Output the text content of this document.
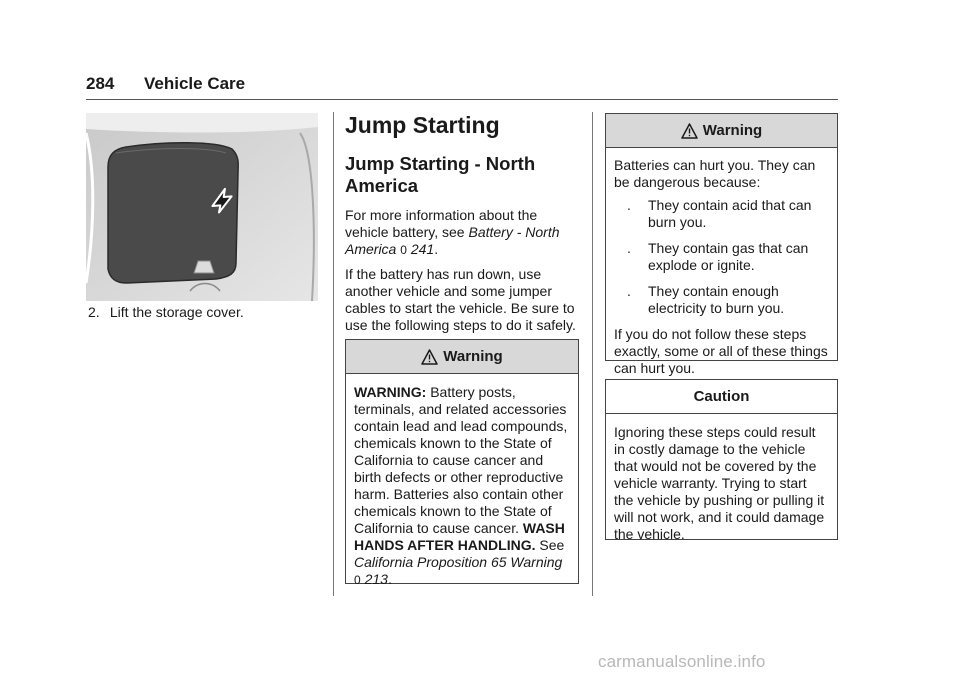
284 Vehicle Care
2. Lift the storage cover.
Jump Starting
Jump Starting - North America
For more information about the vehicle battery, see Battery - North America 0 241.
If the battery has run down, use another vehicle and some jumper cables to start the vehicle. Be sure to use the following steps to do it safely.
Warning
WARNING: Battery posts, terminals, and related accessories contain lead and lead compounds, chemicals known to the State of California to cause cancer and birth defects or other reproductive harm. Batteries also contain other chemicals known to the State of California to cause cancer. WASH HANDS AFTER HANDLING. See California Proposition 65 Warning 0 213.
Warning
Batteries can hurt you. They can be dangerous because:
. They contain acid that can burn you.
. They contain gas that can explode or ignite.
. They contain enough electricity to burn you.
If you do not follow these steps exactly, some or all of these things can hurt you.
Caution
Ignoring these steps could result in costly damage to the vehicle that would not be covered by the vehicle warranty. Trying to start the vehicle by pushing or pulling it will not work, and it could damage the vehicle.
carmanualsonline.info
